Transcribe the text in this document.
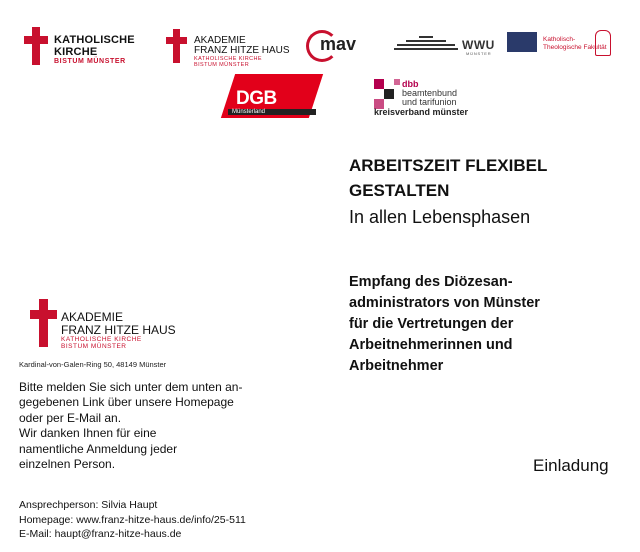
KATHOLISCHE
KIRCHE
BISTUM MÜNSTER
AKADEMIE
FRANZ HITZE HAUS
KATHOLISCHE KIRCHE
BISTUM MÜNSTER
mav	WWU
MÜNSTER
Katholisch-
Theologische Fakultät
DGB
Münsterland
dbb
beamtenbund
und tarifunion
kreisverband münster
ARBEITSZEIT FLEXIBEL
GESTALTEN
In allen Lebensphasen
Empfang des Diözesan-
administrators von Münster
für die Vertretungen der
Arbeitnehmerinnen und
Arbeitnehmer
AKADEMIE
FRANZ HITZE HAUS
KATHOLISCHE KIRCHE
BISTUM MÜNSTER
Kardinal-von-Galen-Ring 50, 48149 Münster
Bitte melden Sie sich unter dem unten an-
gegebenen Link über unsere Homepage
oder per E-Mail an.
Wir danken Ihnen für eine
namentliche Anmeldung jeder
einzelnen Person.	Einladung
Ansprechperson: Silvia Haupt
Homepage: www.franz-hitze-haus.de/info/25-511
E-Mail: haupt@franz-hitze-haus.de
